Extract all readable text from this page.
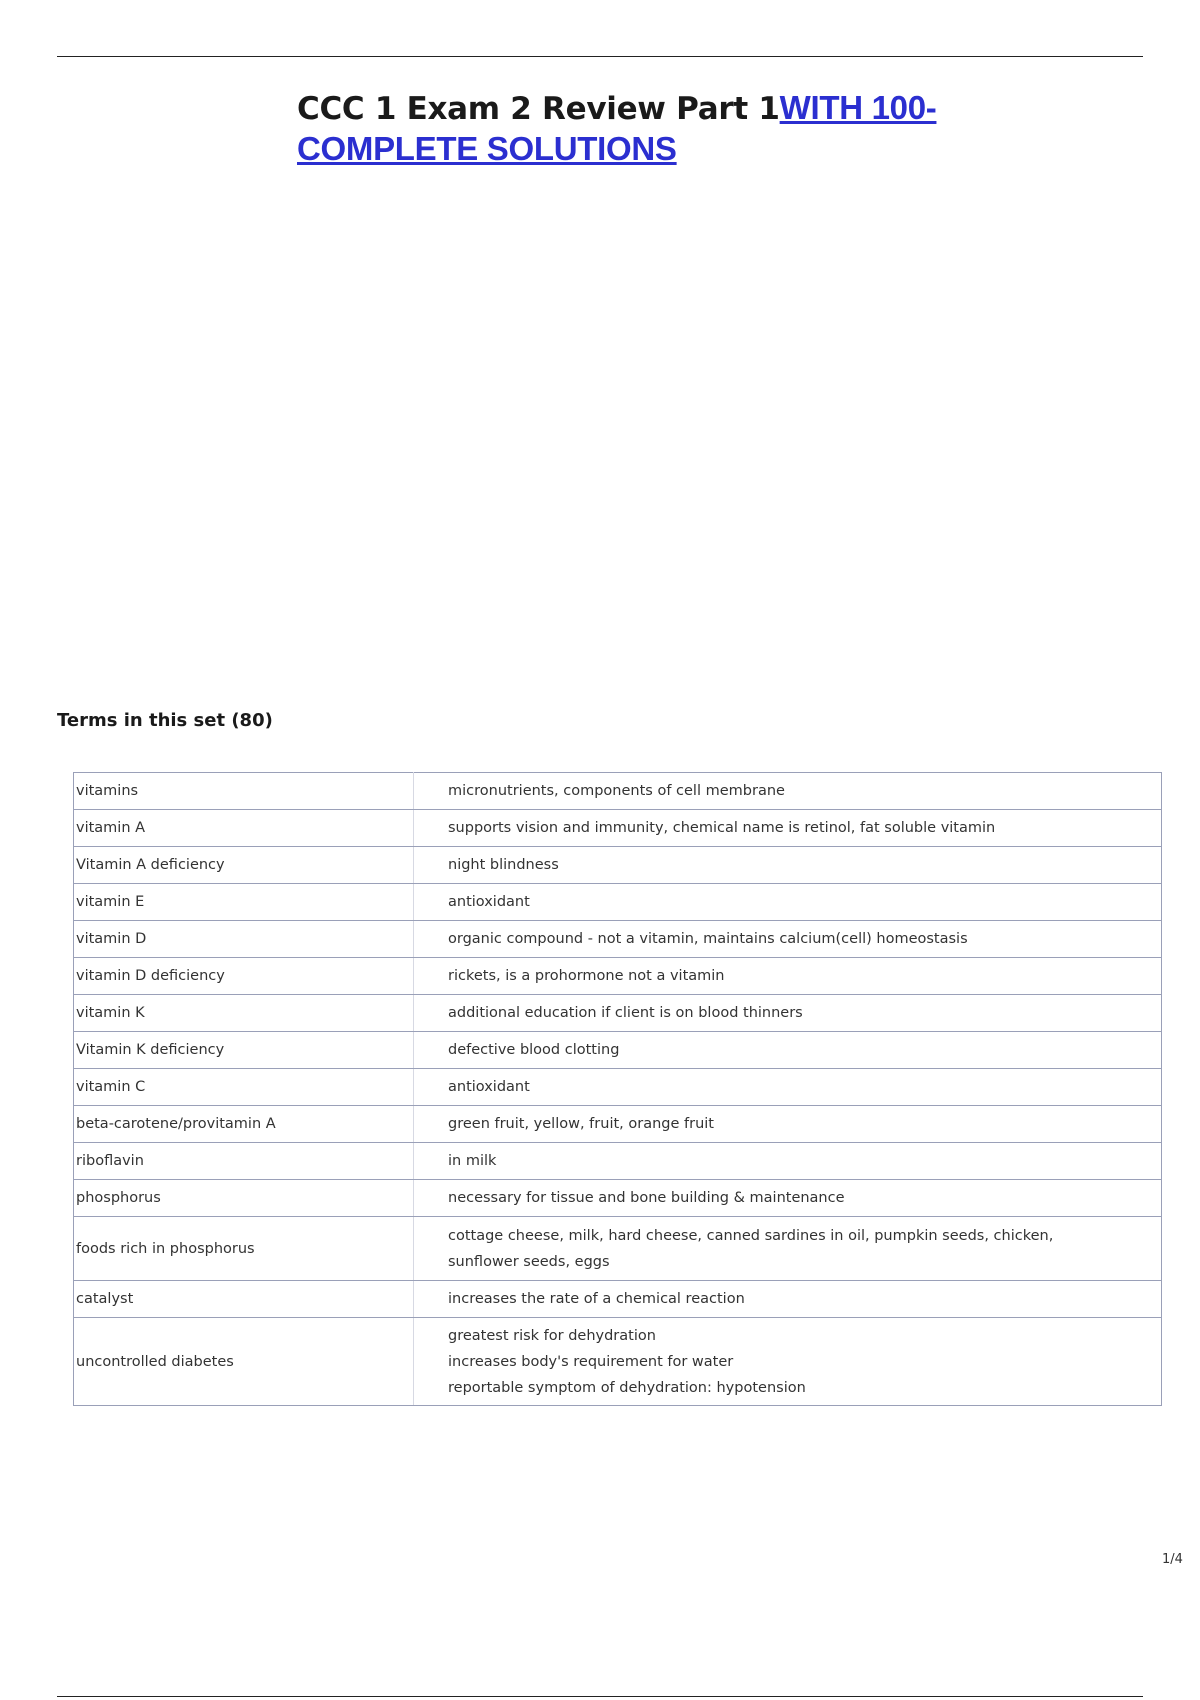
CCC 1 Exam 2 Review Part 1WITH 100- COMPLETE SOLUTIONS
Terms in this set (80)
vitamins	micronutrients, components of cell membrane

vitamin A	supports vision and immunity, chemical name is retinol, fat soluble vitamin

Vitamin A deficiency	night blindness

vitamin E	antioxidant

vitamin D	organic compound - not a vitamin, maintains calcium(cell) homeostasis

vitamin D deficiency	rickets, is a prohormone not a vitamin

vitamin K	additional education if client is on blood thinners

Vitamin K deficiency	defective blood clotting

vitamin C	antioxidant

beta-carotene/provitamin A	green fruit, yellow, fruit, orange fruit

riboflavin	in milk

phosphorus	necessary for tissue and bone building & maintenance

foods rich in phosphorus	cottage cheese, milk, hard cheese, canned sardines in oil, pumpkin seeds, chicken,
sunflower seeds, eggs

catalyst	increases the rate of a chemical reaction

uncontrolled diabetes	greatest risk for dehydration
increases body's requirement for water
reportable symptom of dehydration: hypotension
1/4
